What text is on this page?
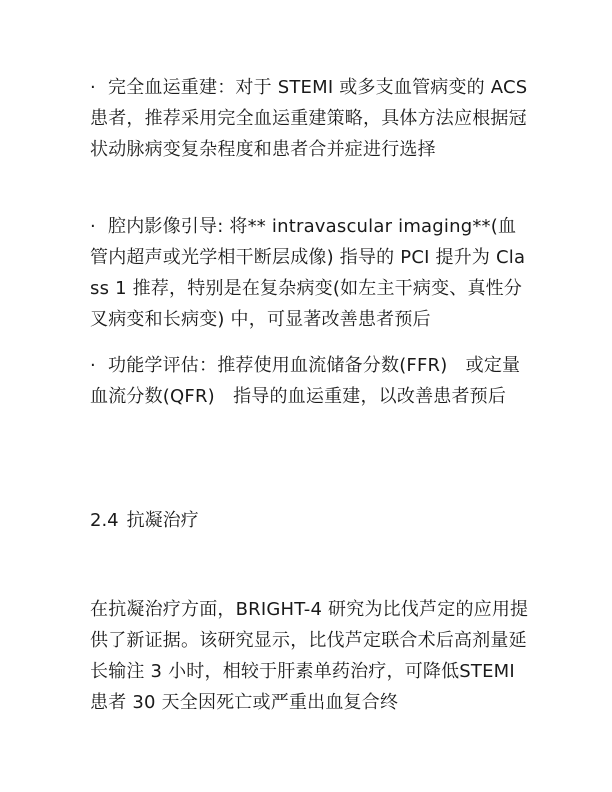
· 完全血运重建：对于 STEMI 或多支血管病变的 ACS 患者，推荐采用完全血运重建策略，具体方法应根据冠状动脉病变复杂程度和患者合并症进行选择
· 腔内影像引导: 将** intravascular imaging**(血管内超声或光学相干断层成像) 指导的 PCI 提升为 Class 1 推荐，特别是在复杂病变(如左主干病变、真性分叉病变和长病变) 中，可显著改善患者预后
· 功能学评估：推荐使用血流储备分数(FFR)　或定量血流分数(QFR)　指导的血运重建，以改善患者预后
2.4 抗凝治疗
在抗凝治疗方面，BRIGHT-4 研究为比伐芦定的应用提供了新证据。该研究显示，比伐芦定联合术后高剂量延长输注 3 小时，相较于肝素单药治疗，可降低STEMI 患者 30 天全因死亡或严重出血复合终
